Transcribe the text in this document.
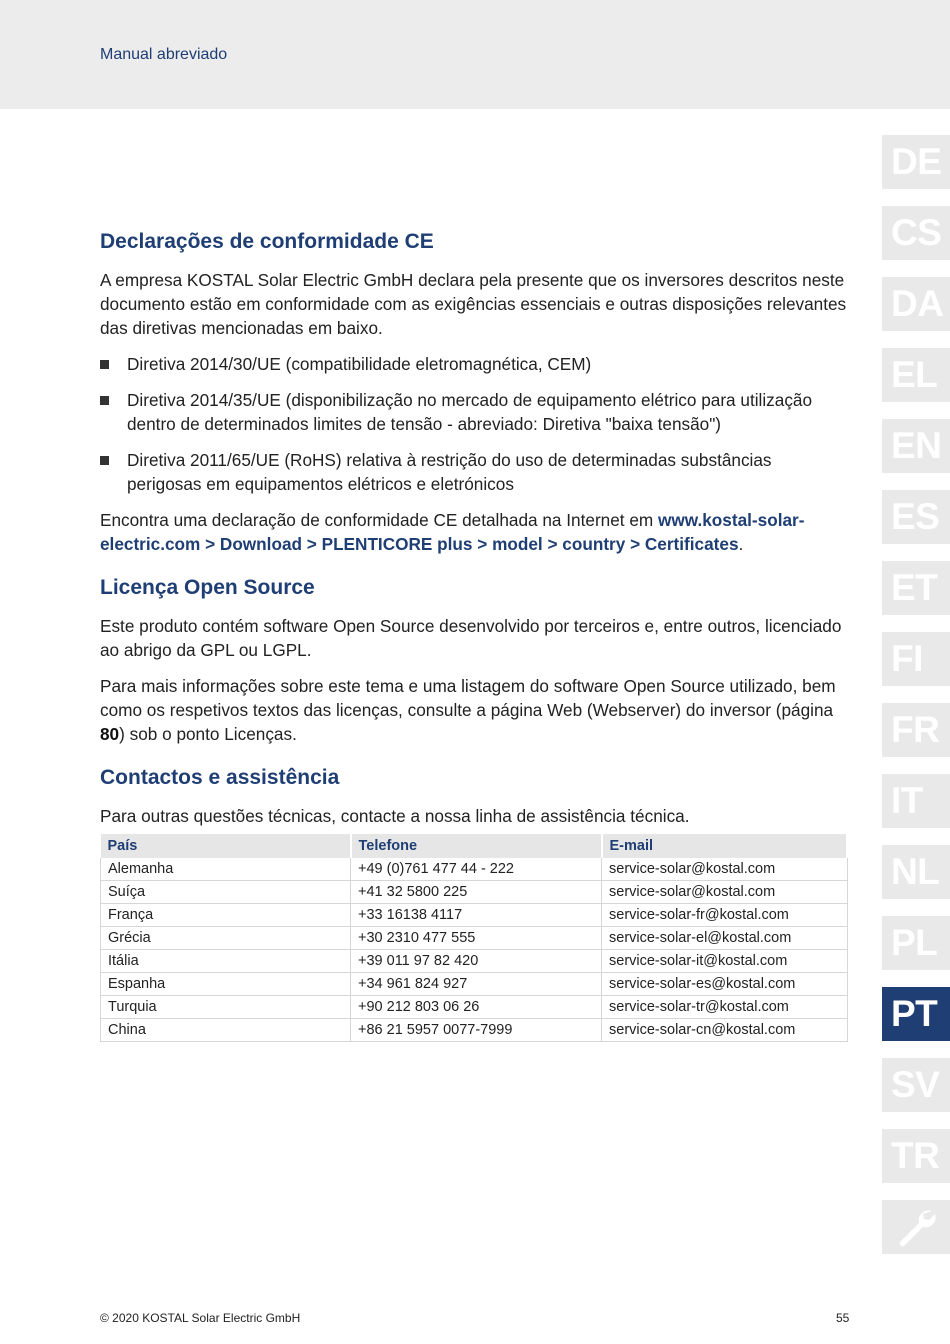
Manual abreviado
Declarações de conformidade CE

A empresa KOSTAL Solar Electric GmbH declara pela presente que os inversores descritos neste documento estão em conformidade com as exigências essenciais e outras disposições relevantes das diretivas mencionadas em baixo.

Diretiva 2014/30/UE (compatibilidade eletromagnética, CEM)
Diretiva 2014/35/UE (disponibilização no mercado de equipamento elétrico para utilização dentro de determinados limites de tensão - abreviado: Diretiva "baixa tensão")
Diretiva 2011/65/UE (RoHS) relativa à restrição do uso de determinadas substâncias perigosas em equipamentos elétricos e eletrónicos

Encontra uma declaração de conformidade CE detalhada na Internet em www.kostal-solar-electric.com > Download > PLENTICORE plus > model > country > Certificates.

Licença Open Source

Este produto contém software Open Source desenvolvido por terceiros e, entre outros, licenciado ao abrigo da GPL ou LGPL.

Para mais informações sobre este tema e uma listagem do software Open Source utilizado, bem como os respetivos textos das licenças, consulte a página Web (Webserver) do inversor (página 80) sob o ponto Licenças.

Contactos e assistência

Para outras questões técnicas, contacte a nossa linha de assistência técnica.

País	Telefone	E-mail
Alemanha	+49 (0)761 477 44 - 222	service-solar@kostal.com
Suíça	+41 32 5800 225	service-solar@kostal.com
França	+33 16138 4117	service-solar-fr@kostal.com
Grécia	+30 2310 477 555	service-solar-el@kostal.com
Itália	+39 011 97 82 420	service-solar-it@kostal.com
Espanha	+34 961 824 927	service-solar-es@kostal.com
Turquia	+90 212 803 06 26	service-solar-tr@kostal.com
China	+86 21 5957 0077-7999	service-solar-cn@kostal.com
DE
CS
DA
EL
EN
ES
ET
FI
FR
IT
NL
PL
PT
SV
TR
© 2020 KOSTAL Solar Electric GmbH	55
